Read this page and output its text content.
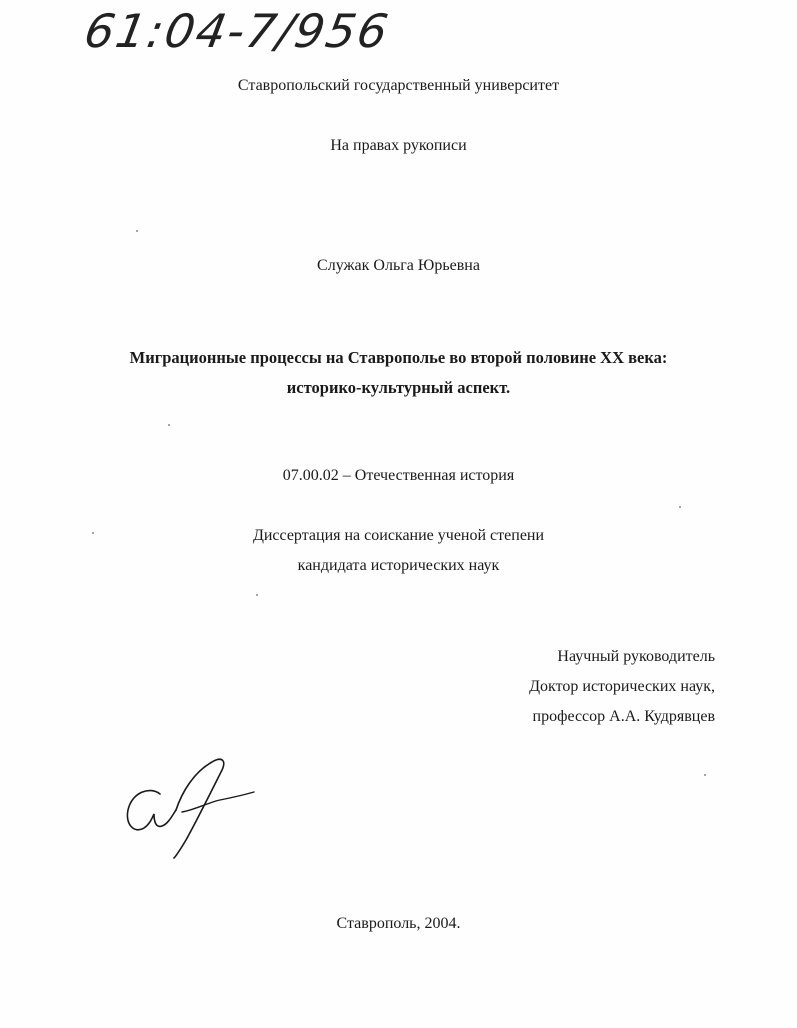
61:04-7/956
Ставропольский государственный университет
На правах рукописи
Служак Ольга Юрьевна
Миграционные процессы на Ставрополье во второй половине XX века:
историко-культурный аспект.
07.00.02 – Отечественная история
Диссертация на соискание ученой степени
кандидата исторических наук
Научный руководитель
Доктор исторических наук,
профессор А.А. Кудрявцев
Ставрополь, 2004.
